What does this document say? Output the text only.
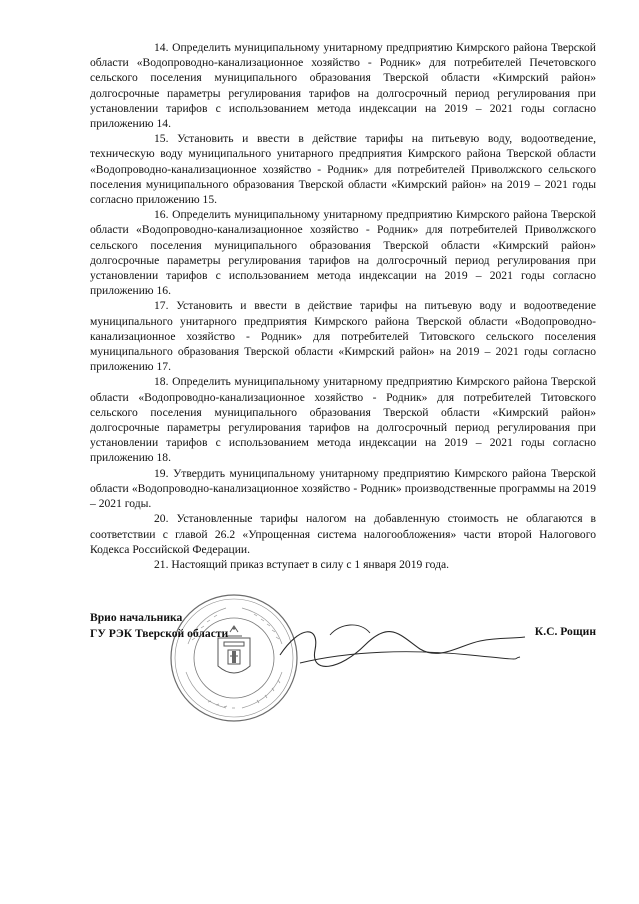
14. Определить муниципальному унитарному предприятию Кимрского района Тверской области «Водопроводно-канализационное хозяйство - Родник» для потребителей Печетовского сельского поселения муниципального образования Тверской области «Кимрский район» долгосрочные параметры регулирования тарифов на долгосрочный период регулирования при установлении тарифов с использованием метода индексации на 2019 – 2021 годы согласно приложению 14.

15. Установить и ввести в действие тарифы на питьевую воду, водоотведение, техническую воду муниципального унитарного предприятия Кимрского района Тверской области «Водопроводно-канализационное хозяйство - Родник» для потребителей Приволжского сельского поселения муниципального образования Тверской области «Кимрский район» на 2019 – 2021 годы согласно приложению 15.

16. Определить муниципальному унитарному предприятию Кимрского района Тверской области «Водопроводно-канализационное хозяйство - Родник» для потребителей Приволжского сельского поселения муниципального образования Тверской области «Кимрский район» долгосрочные параметры регулирования тарифов на долгосрочный период регулирования при установлении тарифов с использованием метода индексации на 2019 – 2021 годы согласно приложению 16.

17. Установить и ввести в действие тарифы на питьевую воду и водоотведение муниципального унитарного предприятия Кимрского района Тверской области «Водопроводно-канализационное хозяйство - Родник» для потребителей Титовского сельского поселения муниципального образования Тверской области «Кимрский район» на 2019 – 2021 годы согласно приложению 17.

18. Определить муниципальному унитарному предприятию Кимрского района Тверской области «Водопроводно-канализационное хозяйство - Родник» для потребителей Титовского сельского поселения муниципального образования Тверской области «Кимрский район» долгосрочные параметры регулирования тарифов на долгосрочный период регулирования при установлении тарифов с использованием метода индексации на 2019 – 2021 годы согласно приложению 18.

19. Утвердить муниципальному унитарному предприятию Кимрского района Тверской области «Водопроводно-канализационное хозяйство - Родник» производственные программы на 2019 – 2021 годы.

20. Установленные тарифы налогом на добавленную стоимость не облагаются в соответствии с главой 26.2 «Упрощенная система налогообложения» части второй Налогового Кодекса Российской Федерации.

21. Настоящий приказ вступает в силу с 1 января 2019 года.

Врио начальника
ГУ РЭК Тверской области	К.С. Рощин
